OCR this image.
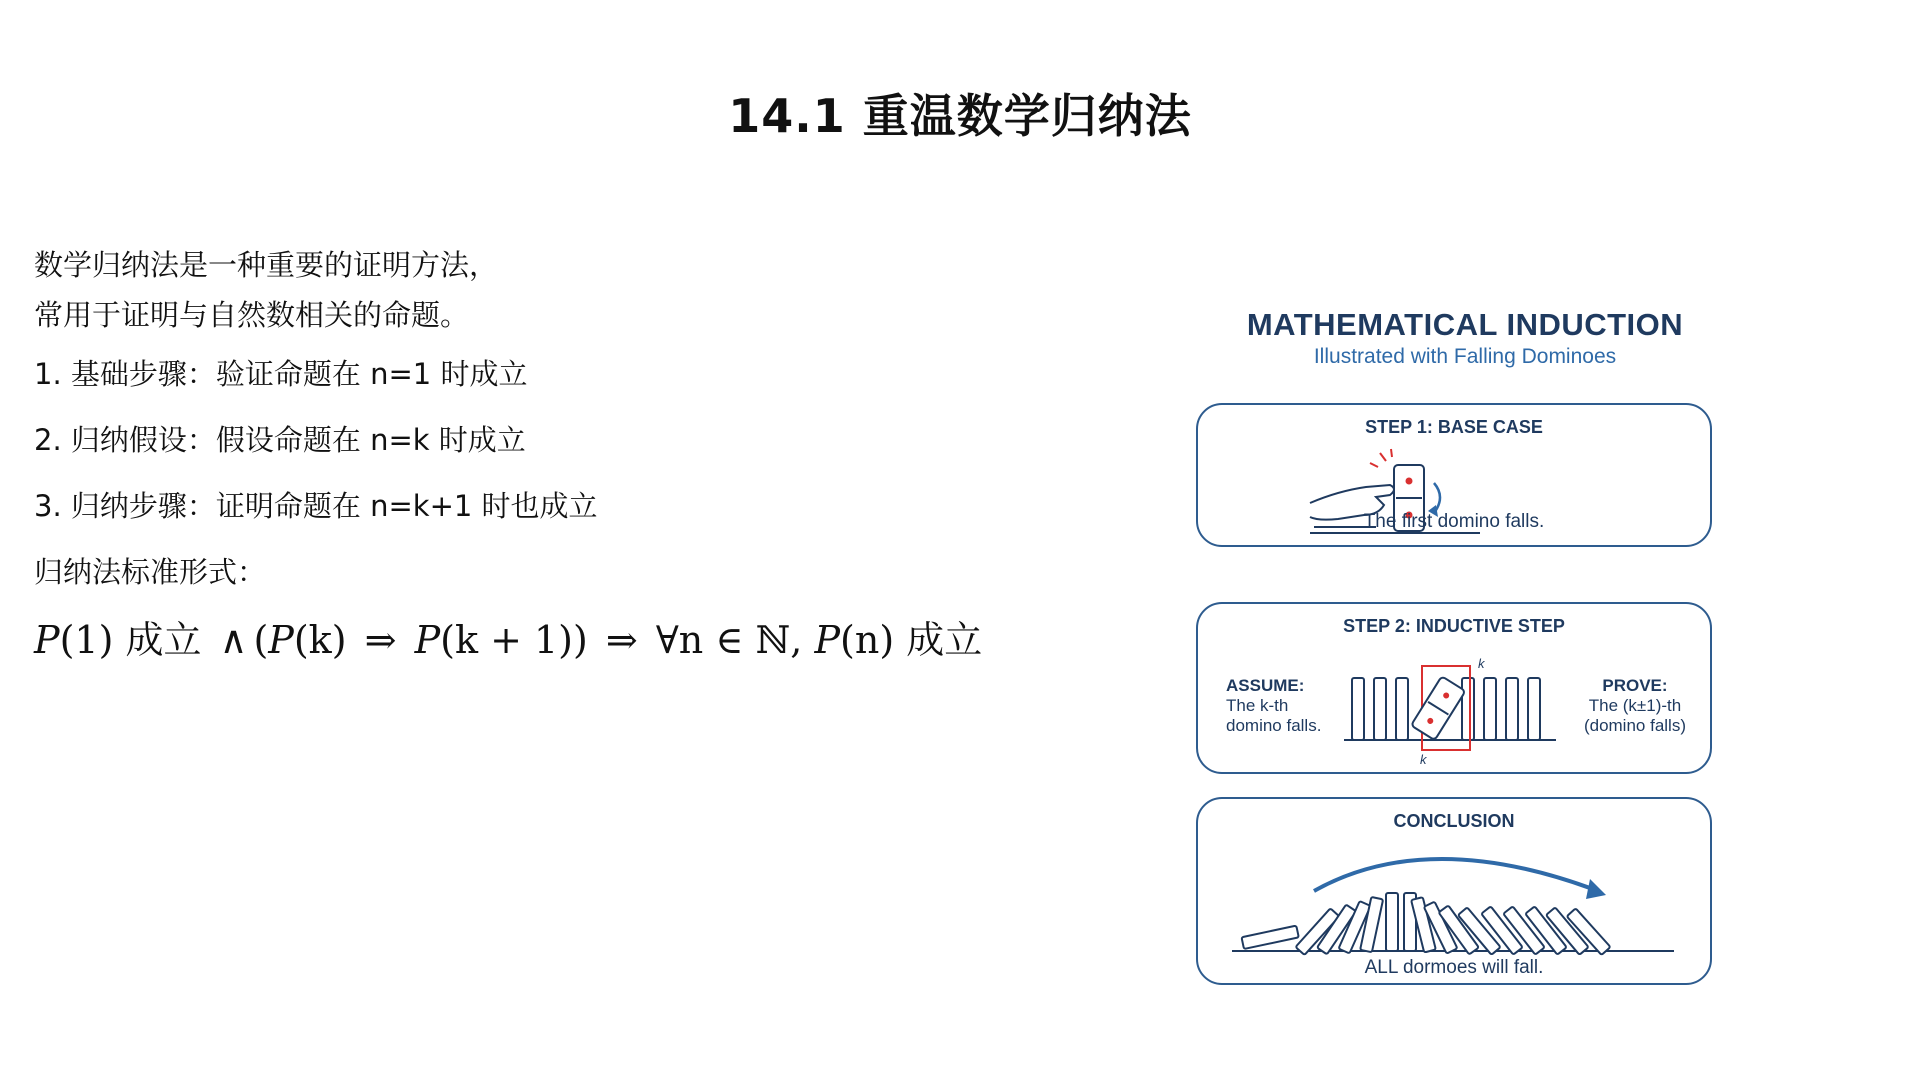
14.1 重温数学归纳法

数学归纳法是一种重要的证明方法，
常用于证明与自然数相关的命题。

1. 基础步骤：验证命题在 n=1 时成立

2. 归纳假设：假设命题在 n=k 时成立

3. 归纳步骤：证明命题在 n=k+1 时也成立

归纳法标准形式：

P(1) 成立 ∧ (P(k) ⇒ P(k + 1)) ⇒ ∀n ∈ ℕ, P(n) 成立
MATHEMATICAL INDUCTION
Illustrated with Falling Dominoes
STEP 1: BASE CASE
The first domino falls.
STEP 2: INDUCTIVE STEP
ASSUME:
The k-th
domino falls.
PROVE:
The (k±1)-th
(domino falls)
k
k
CONCLUSION
ALL dormoes will fall.
